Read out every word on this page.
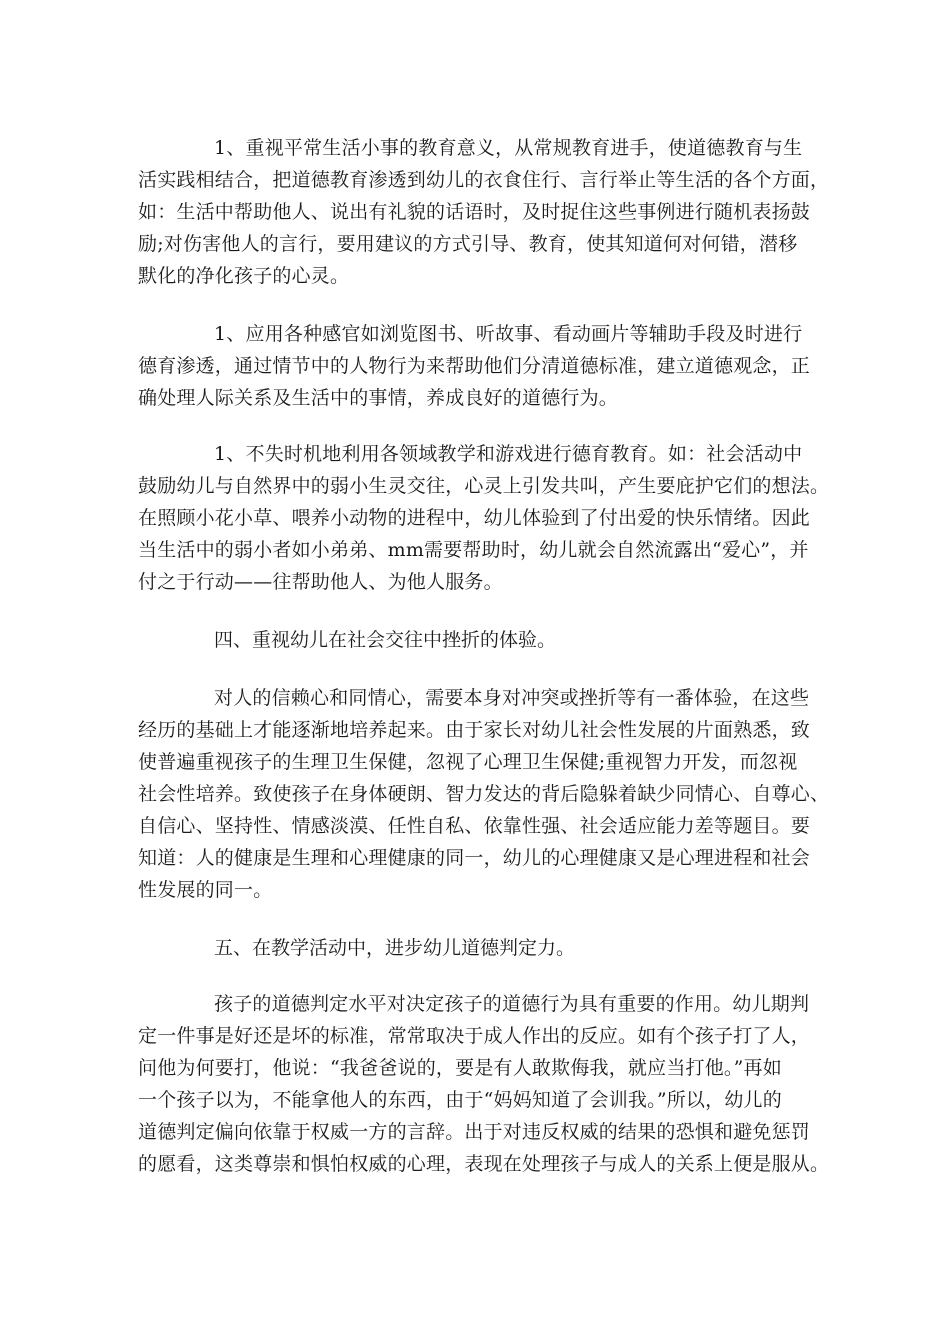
1、重视平常生活小事的教育意义，从常规教育进手，使道德教育与生
活实践相结合，把道德教育渗透到幼儿的衣食住行、言行举止等生活的各个方面，
如：生活中帮助他人、说出有礼貌的话语时，及时捉住这些事例进行随机表扬鼓
励;对伤害他人的言行，要用建议的方式引导、教育，使其知道何对何错，潜移
默化的净化孩子的心灵。

1、应用各种感官如浏览图书、听故事、看动画片等辅助手段及时进行
德育渗透，通过情节中的人物行为来帮助他们分清道德标准，建立道德观念，正
确处理人际关系及生活中的事情，养成良好的道德行为。

1、不失时机地利用各领域教学和游戏进行德育教育。如：社会活动中
鼓励幼儿与自然界中的弱小生灵交往，心灵上引发共叫，产生要庇护它们的想法。
在照顾小花小草、喂养小动物的进程中，幼儿体验到了付出爱的快乐情绪。因此
当生活中的弱小者如小弟弟、mm需要帮助时，幼儿就会自然流露出“爱心”，并
付之于行动——往帮助他人、为他人服务。

四、重视幼儿在社会交往中挫折的体验。

对人的信赖心和同情心，需要本身对冲突或挫折等有一番体验，在这些
经历的基础上才能逐渐地培养起来。由于家长对幼儿社会性发展的片面熟悉，致
使普遍重视孩子的生理卫生保健，忽视了心理卫生保健;重视智力开发，而忽视
社会性培养。致使孩子在身体硬朗、智力发达的背后隐躲着缺少同情心、自尊心、
自信心、坚持性、情感淡漠、任性自私、依靠性强、社会适应能力差等题目。要
知道：人的健康是生理和心理健康的同一，幼儿的心理健康又是心理进程和社会
性发展的同一。

五、在教学活动中，进步幼儿道德判定力。

孩子的道德判定水平对决定孩子的道德行为具有重要的作用。幼儿期判
定一件事是好还是坏的标准，常常取决于成人作出的反应。如有个孩子打了人，
问他为何要打，他说：“我爸爸说的，要是有人敢欺侮我，就应当打他。”再如
一个孩子以为，不能拿他人的东西，由于“妈妈知道了会训我。”所以，幼儿的
道德判定偏向依靠于权威一方的言辞。出于对违反权威的结果的恐惧和避免惩罚
的愿看，这类尊崇和惧怕权威的心理，表现在处理孩子与成人的关系上便是服从。
